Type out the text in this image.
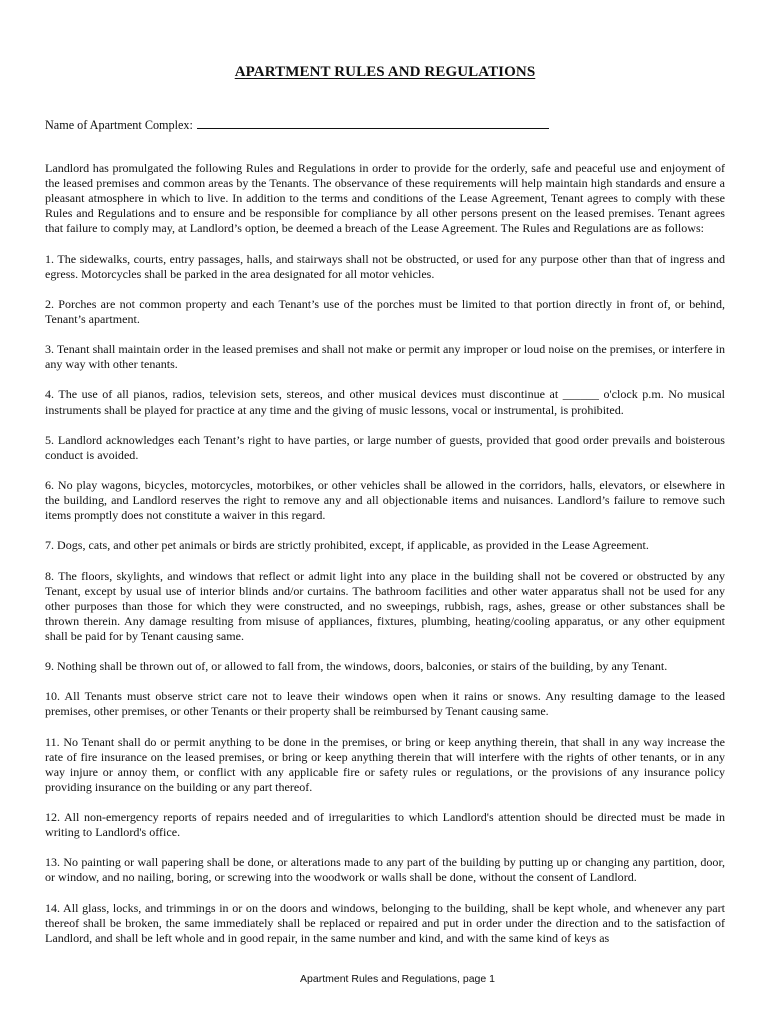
APARTMENT RULES AND REGULATIONS
Name of Apartment Complex:

Landlord has promulgated the following Rules and Regulations in order to provide for the orderly, safe and peaceful use and enjoyment of the leased premises and common areas by the Tenants. The observance of these requirements will help maintain high standards and ensure a pleasant atmosphere in which to live. In addition to the terms and conditions of the Lease Agreement, Tenant agrees to comply with these Rules and Regulations and to ensure and be responsible for compliance by all other persons present on the leased premises. Tenant agrees that failure to comply may, at Landlord’s option, be deemed a breach of the Lease Agreement. The Rules and Regulations are as follows:

1. The sidewalks, courts, entry passages, halls, and stairways shall not be obstructed, or used for any purpose other than that of ingress and egress. Motorcycles shall be parked in the area designated for all motor vehicles.

2. Porches are not common property and each Tenant’s use of the porches must be limited to that portion directly in front of, or behind, Tenant’s apartment.

3. Tenant shall maintain order in the leased premises and shall not make or permit any improper or loud noise on the premises, or interfere in any way with other tenants.

4. The use of all pianos, radios, television sets, stereos, and other musical devices must discontinue at ______ o'clock p.m. No musical instruments shall be played for practice at any time and the giving of music lessons, vocal or instrumental, is prohibited.

5. Landlord acknowledges each Tenant’s right to have parties, or large number of guests, provided that good order prevails and boisterous conduct is avoided.

6. No play wagons, bicycles, motorcycles, motorbikes, or other vehicles shall be allowed in the corridors, halls, elevators, or elsewhere in the building, and Landlord reserves the right to remove any and all objectionable items and nuisances. Landlord’s failure to remove such items promptly does not constitute a waiver in this regard.

7. Dogs, cats, and other pet animals or birds are strictly prohibited, except, if applicable, as provided in the Lease Agreement.

8. The floors, skylights, and windows that reflect or admit light into any place in the building shall not be covered or obstructed by any Tenant, except by usual use of interior blinds and/or curtains. The bathroom facilities and other water apparatus shall not be used for any other purposes than those for which they were constructed, and no sweepings, rubbish, rags, ashes, grease or other substances shall be thrown therein. Any damage resulting from misuse of appliances, fixtures, plumbing, heating/cooling apparatus, or any other equipment shall be paid for by Tenant causing same.

9. Nothing shall be thrown out of, or allowed to fall from, the windows, doors, balconies, or stairs of the building, by any Tenant.

10. All Tenants must observe strict care not to leave their windows open when it rains or snows. Any resulting damage to the leased premises, other premises, or other Tenants or their property shall be reimbursed by Tenant causing same.

11. No Tenant shall do or permit anything to be done in the premises, or bring or keep anything therein, that shall in any way increase the rate of fire insurance on the leased premises, or bring or keep anything therein that will interfere with the rights of other tenants, or in any way injure or annoy them, or conflict with any applicable fire or safety rules or regulations, or the provisions of any insurance policy providing insurance on the building or any part thereof.

12. All non-emergency reports of repairs needed and of irregularities to which Landlord's attention should be directed must be made in writing to Landlord's office.

13. No painting or wall papering shall be done, or alterations made to any part of the building by putting up or changing any partition, door, or window, and no nailing, boring, or screwing into the woodwork or walls shall be done, without the consent of Landlord.

14. All glass, locks, and trimmings in or on the doors and windows, belonging to the building, shall be kept whole, and whenever any part thereof shall be broken, the same immediately shall be replaced or repaired and put in order under the direction and to the satisfaction of Landlord, and shall be left whole and in good repair, in the same number and kind, and with the same kind of keys as

Apartment Rules and Regulations, page 1
